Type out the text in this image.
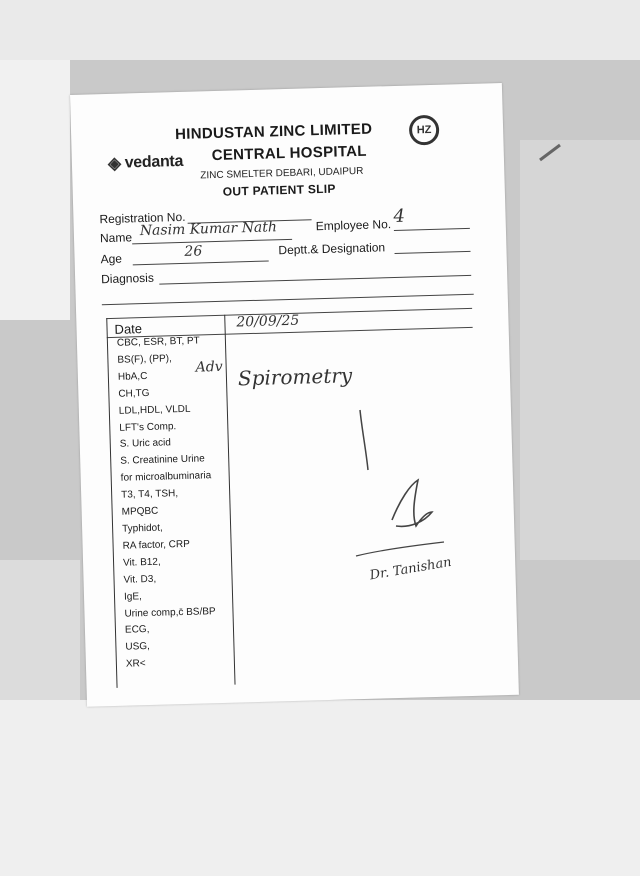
◈ vedanta
HINDUSTAN ZINC LIMITED
CENTRAL HOSPITAL
ZINC SMELTER DEBARI, UDAIPUR
OUT PATIENT SLIP
HZ
Registration No.
Name Nasim Kumar Nath	Employee No. 4
Age	26	Deptt.& Designation
Diagnosis
Date	20/09/25
CBC, ESR, BT, PT
BS(F), (PP),
HbA,C
CH,TG
LDL,HDL, VLDL
LFT's Comp.
S. Uric acid
S. Creatinine Urine
for microalbuminaria
T3, T4, TSH,
MPQBC
Typhidot,
RA factor, CRP
Vit. B12,
Vit. D3,
IgE,
Urine comp,c̄ BS/BP
ECG,
USG,
XR<
Adv Spirometry
Dr. Tanishan
